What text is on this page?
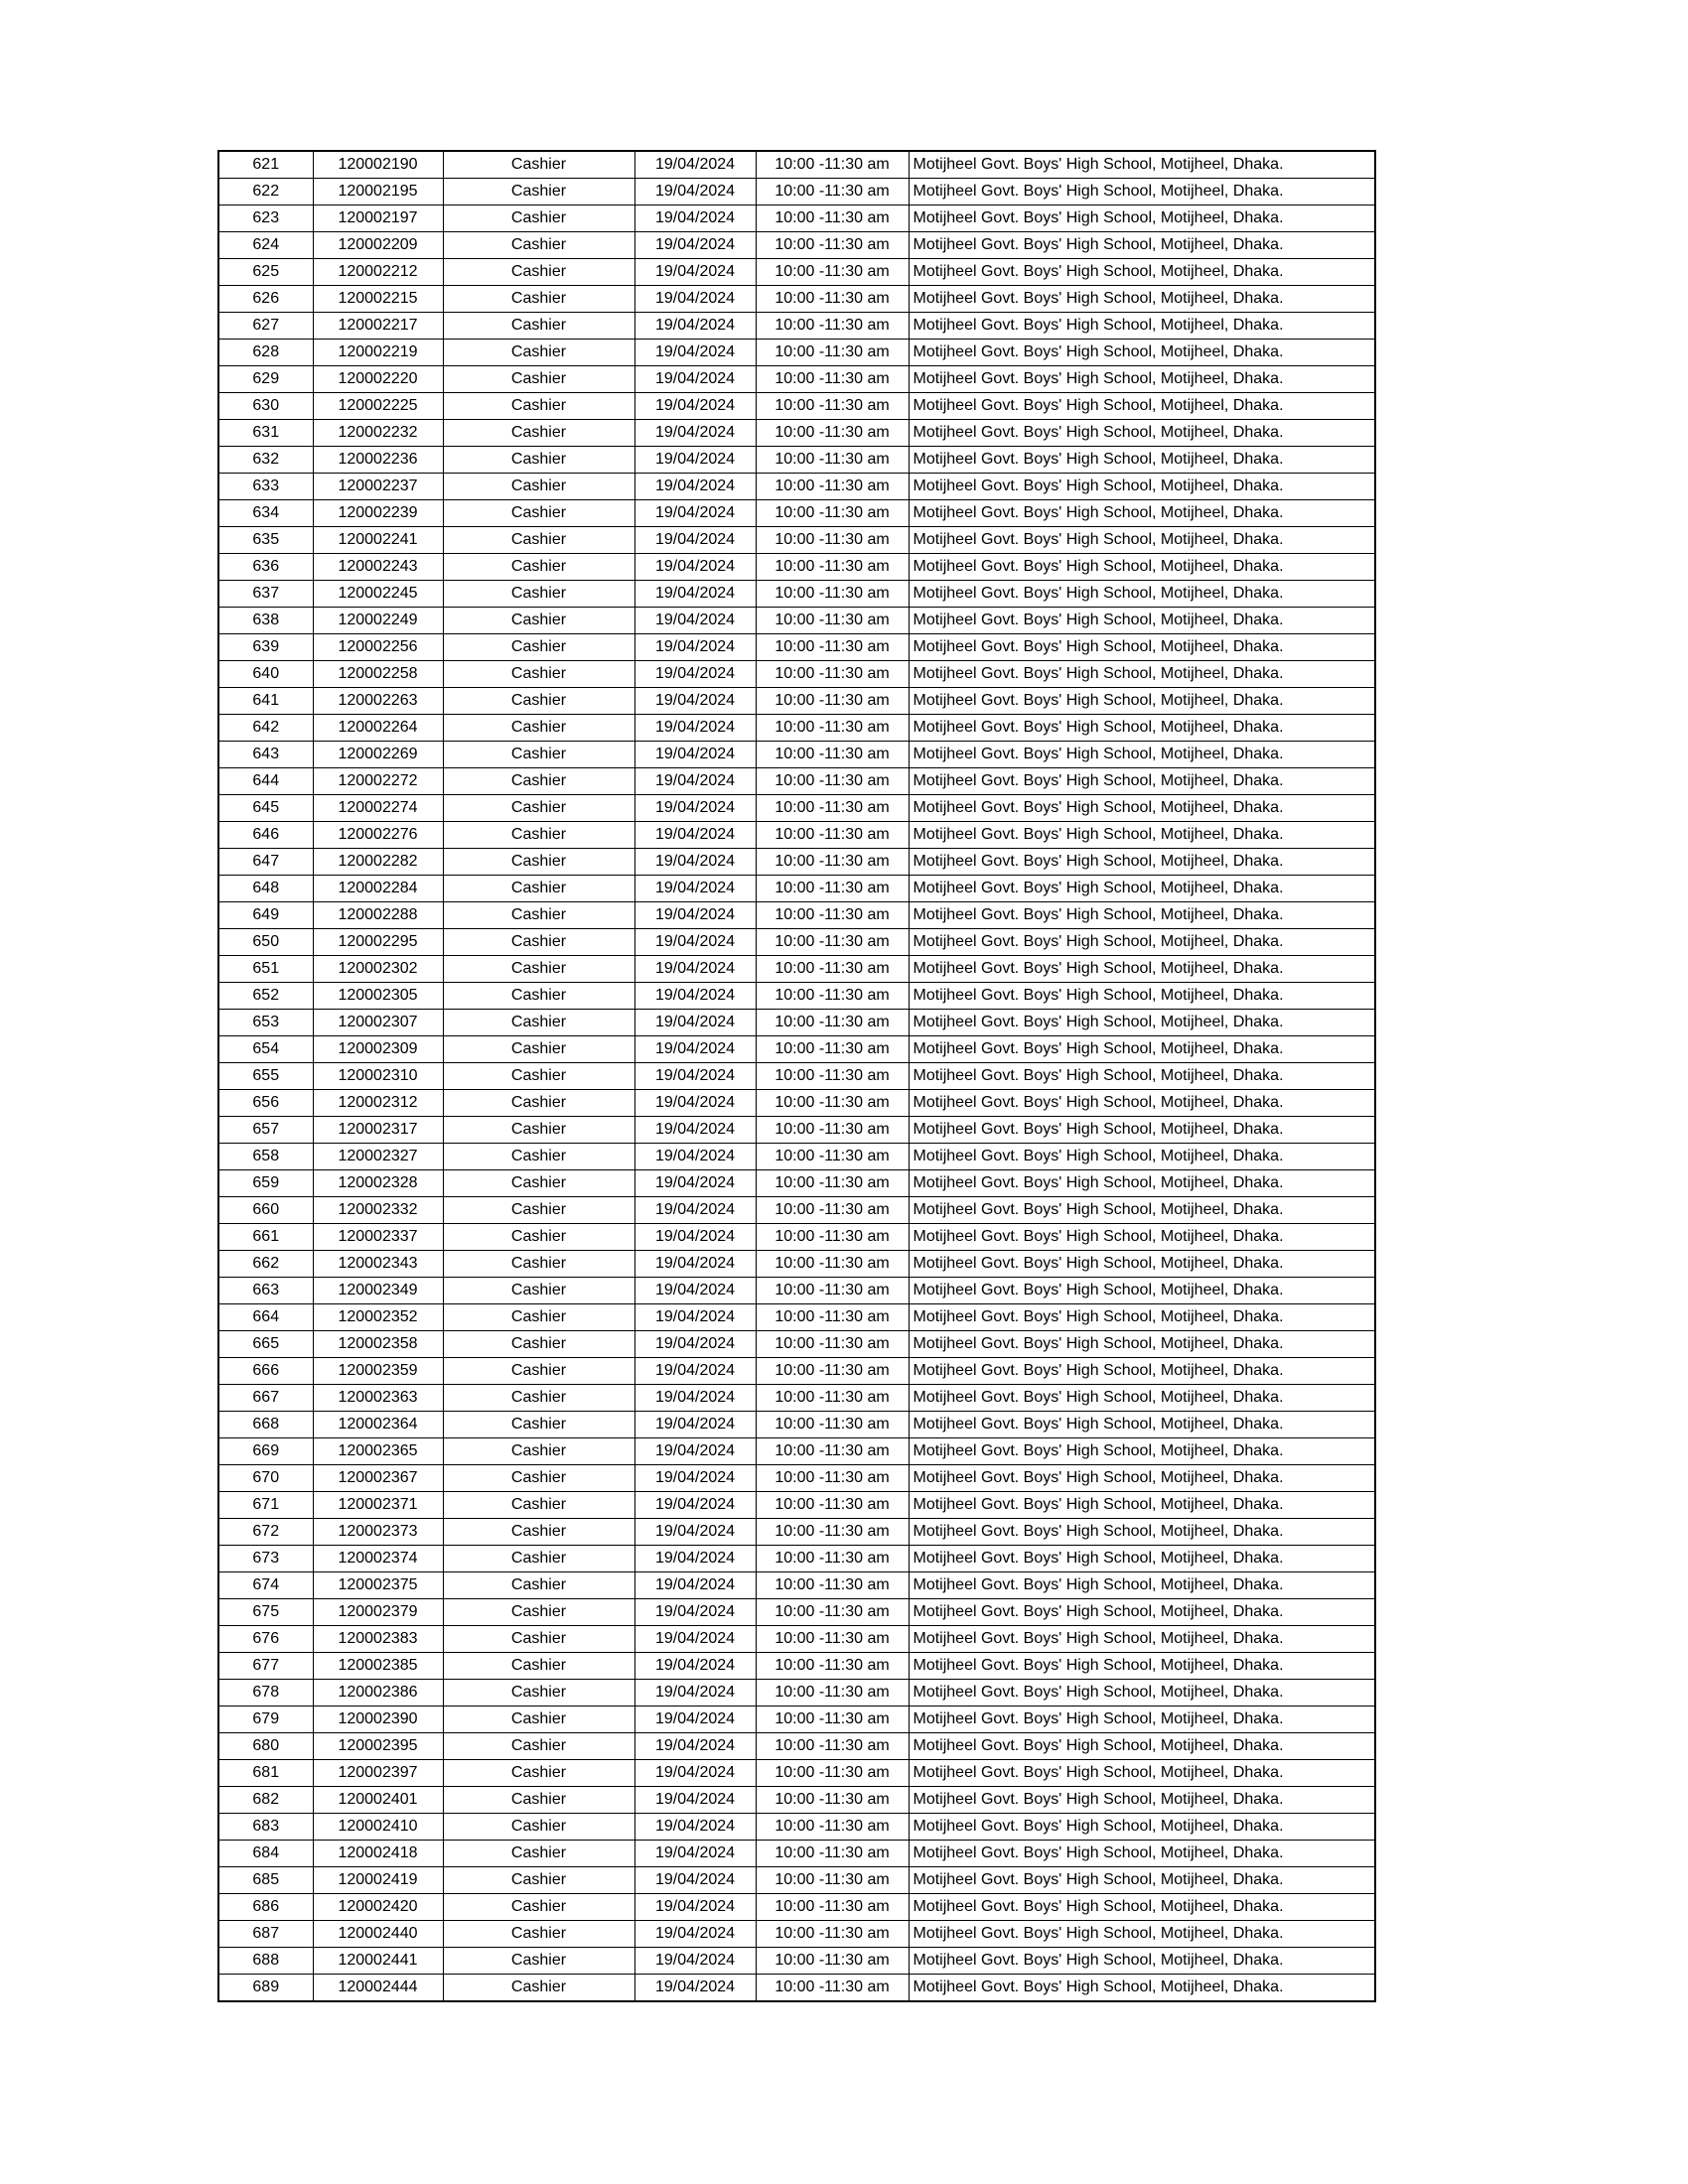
621	120002190	Cashier	19/04/2024	10:00 -11:30 am	Motijheel Govt. Boys' High School, Motijheel, Dhaka.
622	120002195	Cashier	19/04/2024	10:00 -11:30 am	Motijheel Govt. Boys' High School, Motijheel, Dhaka.
623	120002197	Cashier	19/04/2024	10:00 -11:30 am	Motijheel Govt. Boys' High School, Motijheel, Dhaka.
624	120002209	Cashier	19/04/2024	10:00 -11:30 am	Motijheel Govt. Boys' High School, Motijheel, Dhaka.
625	120002212	Cashier	19/04/2024	10:00 -11:30 am	Motijheel Govt. Boys' High School, Motijheel, Dhaka.
626	120002215	Cashier	19/04/2024	10:00 -11:30 am	Motijheel Govt. Boys' High School, Motijheel, Dhaka.
627	120002217	Cashier	19/04/2024	10:00 -11:30 am	Motijheel Govt. Boys' High School, Motijheel, Dhaka.
628	120002219	Cashier	19/04/2024	10:00 -11:30 am	Motijheel Govt. Boys' High School, Motijheel, Dhaka.
629	120002220	Cashier	19/04/2024	10:00 -11:30 am	Motijheel Govt. Boys' High School, Motijheel, Dhaka.
630	120002225	Cashier	19/04/2024	10:00 -11:30 am	Motijheel Govt. Boys' High School, Motijheel, Dhaka.
631	120002232	Cashier	19/04/2024	10:00 -11:30 am	Motijheel Govt. Boys' High School, Motijheel, Dhaka.
632	120002236	Cashier	19/04/2024	10:00 -11:30 am	Motijheel Govt. Boys' High School, Motijheel, Dhaka.
633	120002237	Cashier	19/04/2024	10:00 -11:30 am	Motijheel Govt. Boys' High School, Motijheel, Dhaka.
634	120002239	Cashier	19/04/2024	10:00 -11:30 am	Motijheel Govt. Boys' High School, Motijheel, Dhaka.
635	120002241	Cashier	19/04/2024	10:00 -11:30 am	Motijheel Govt. Boys' High School, Motijheel, Dhaka.
636	120002243	Cashier	19/04/2024	10:00 -11:30 am	Motijheel Govt. Boys' High School, Motijheel, Dhaka.
637	120002245	Cashier	19/04/2024	10:00 -11:30 am	Motijheel Govt. Boys' High School, Motijheel, Dhaka.
638	120002249	Cashier	19/04/2024	10:00 -11:30 am	Motijheel Govt. Boys' High School, Motijheel, Dhaka.
639	120002256	Cashier	19/04/2024	10:00 -11:30 am	Motijheel Govt. Boys' High School, Motijheel, Dhaka.
640	120002258	Cashier	19/04/2024	10:00 -11:30 am	Motijheel Govt. Boys' High School, Motijheel, Dhaka.
641	120002263	Cashier	19/04/2024	10:00 -11:30 am	Motijheel Govt. Boys' High School, Motijheel, Dhaka.
642	120002264	Cashier	19/04/2024	10:00 -11:30 am	Motijheel Govt. Boys' High School, Motijheel, Dhaka.
643	120002269	Cashier	19/04/2024	10:00 -11:30 am	Motijheel Govt. Boys' High School, Motijheel, Dhaka.
644	120002272	Cashier	19/04/2024	10:00 -11:30 am	Motijheel Govt. Boys' High School, Motijheel, Dhaka.
645	120002274	Cashier	19/04/2024	10:00 -11:30 am	Motijheel Govt. Boys' High School, Motijheel, Dhaka.
646	120002276	Cashier	19/04/2024	10:00 -11:30 am	Motijheel Govt. Boys' High School, Motijheel, Dhaka.
647	120002282	Cashier	19/04/2024	10:00 -11:30 am	Motijheel Govt. Boys' High School, Motijheel, Dhaka.
648	120002284	Cashier	19/04/2024	10:00 -11:30 am	Motijheel Govt. Boys' High School, Motijheel, Dhaka.
649	120002288	Cashier	19/04/2024	10:00 -11:30 am	Motijheel Govt. Boys' High School, Motijheel, Dhaka.
650	120002295	Cashier	19/04/2024	10:00 -11:30 am	Motijheel Govt. Boys' High School, Motijheel, Dhaka.
651	120002302	Cashier	19/04/2024	10:00 -11:30 am	Motijheel Govt. Boys' High School, Motijheel, Dhaka.
652	120002305	Cashier	19/04/2024	10:00 -11:30 am	Motijheel Govt. Boys' High School, Motijheel, Dhaka.
653	120002307	Cashier	19/04/2024	10:00 -11:30 am	Motijheel Govt. Boys' High School, Motijheel, Dhaka.
654	120002309	Cashier	19/04/2024	10:00 -11:30 am	Motijheel Govt. Boys' High School, Motijheel, Dhaka.
655	120002310	Cashier	19/04/2024	10:00 -11:30 am	Motijheel Govt. Boys' High School, Motijheel, Dhaka.
656	120002312	Cashier	19/04/2024	10:00 -11:30 am	Motijheel Govt. Boys' High School, Motijheel, Dhaka.
657	120002317	Cashier	19/04/2024	10:00 -11:30 am	Motijheel Govt. Boys' High School, Motijheel, Dhaka.
658	120002327	Cashier	19/04/2024	10:00 -11:30 am	Motijheel Govt. Boys' High School, Motijheel, Dhaka.
659	120002328	Cashier	19/04/2024	10:00 -11:30 am	Motijheel Govt. Boys' High School, Motijheel, Dhaka.
660	120002332	Cashier	19/04/2024	10:00 -11:30 am	Motijheel Govt. Boys' High School, Motijheel, Dhaka.
661	120002337	Cashier	19/04/2024	10:00 -11:30 am	Motijheel Govt. Boys' High School, Motijheel, Dhaka.
662	120002343	Cashier	19/04/2024	10:00 -11:30 am	Motijheel Govt. Boys' High School, Motijheel, Dhaka.
663	120002349	Cashier	19/04/2024	10:00 -11:30 am	Motijheel Govt. Boys' High School, Motijheel, Dhaka.
664	120002352	Cashier	19/04/2024	10:00 -11:30 am	Motijheel Govt. Boys' High School, Motijheel, Dhaka.
665	120002358	Cashier	19/04/2024	10:00 -11:30 am	Motijheel Govt. Boys' High School, Motijheel, Dhaka.
666	120002359	Cashier	19/04/2024	10:00 -11:30 am	Motijheel Govt. Boys' High School, Motijheel, Dhaka.
667	120002363	Cashier	19/04/2024	10:00 -11:30 am	Motijheel Govt. Boys' High School, Motijheel, Dhaka.
668	120002364	Cashier	19/04/2024	10:00 -11:30 am	Motijheel Govt. Boys' High School, Motijheel, Dhaka.
669	120002365	Cashier	19/04/2024	10:00 -11:30 am	Motijheel Govt. Boys' High School, Motijheel, Dhaka.
670	120002367	Cashier	19/04/2024	10:00 -11:30 am	Motijheel Govt. Boys' High School, Motijheel, Dhaka.
671	120002371	Cashier	19/04/2024	10:00 -11:30 am	Motijheel Govt. Boys' High School, Motijheel, Dhaka.
672	120002373	Cashier	19/04/2024	10:00 -11:30 am	Motijheel Govt. Boys' High School, Motijheel, Dhaka.
673	120002374	Cashier	19/04/2024	10:00 -11:30 am	Motijheel Govt. Boys' High School, Motijheel, Dhaka.
674	120002375	Cashier	19/04/2024	10:00 -11:30 am	Motijheel Govt. Boys' High School, Motijheel, Dhaka.
675	120002379	Cashier	19/04/2024	10:00 -11:30 am	Motijheel Govt. Boys' High School, Motijheel, Dhaka.
676	120002383	Cashier	19/04/2024	10:00 -11:30 am	Motijheel Govt. Boys' High School, Motijheel, Dhaka.
677	120002385	Cashier	19/04/2024	10:00 -11:30 am	Motijheel Govt. Boys' High School, Motijheel, Dhaka.
678	120002386	Cashier	19/04/2024	10:00 -11:30 am	Motijheel Govt. Boys' High School, Motijheel, Dhaka.
679	120002390	Cashier	19/04/2024	10:00 -11:30 am	Motijheel Govt. Boys' High School, Motijheel, Dhaka.
680	120002395	Cashier	19/04/2024	10:00 -11:30 am	Motijheel Govt. Boys' High School, Motijheel, Dhaka.
681	120002397	Cashier	19/04/2024	10:00 -11:30 am	Motijheel Govt. Boys' High School, Motijheel, Dhaka.
682	120002401	Cashier	19/04/2024	10:00 -11:30 am	Motijheel Govt. Boys' High School, Motijheel, Dhaka.
683	120002410	Cashier	19/04/2024	10:00 -11:30 am	Motijheel Govt. Boys' High School, Motijheel, Dhaka.
684	120002418	Cashier	19/04/2024	10:00 -11:30 am	Motijheel Govt. Boys' High School, Motijheel, Dhaka.
685	120002419	Cashier	19/04/2024	10:00 -11:30 am	Motijheel Govt. Boys' High School, Motijheel, Dhaka.
686	120002420	Cashier	19/04/2024	10:00 -11:30 am	Motijheel Govt. Boys' High School, Motijheel, Dhaka.
687	120002440	Cashier	19/04/2024	10:00 -11:30 am	Motijheel Govt. Boys' High School, Motijheel, Dhaka.
688	120002441	Cashier	19/04/2024	10:00 -11:30 am	Motijheel Govt. Boys' High School, Motijheel, Dhaka.
689	120002444	Cashier	19/04/2024	10:00 -11:30 am	Motijheel Govt. Boys' High School, Motijheel, Dhaka.
